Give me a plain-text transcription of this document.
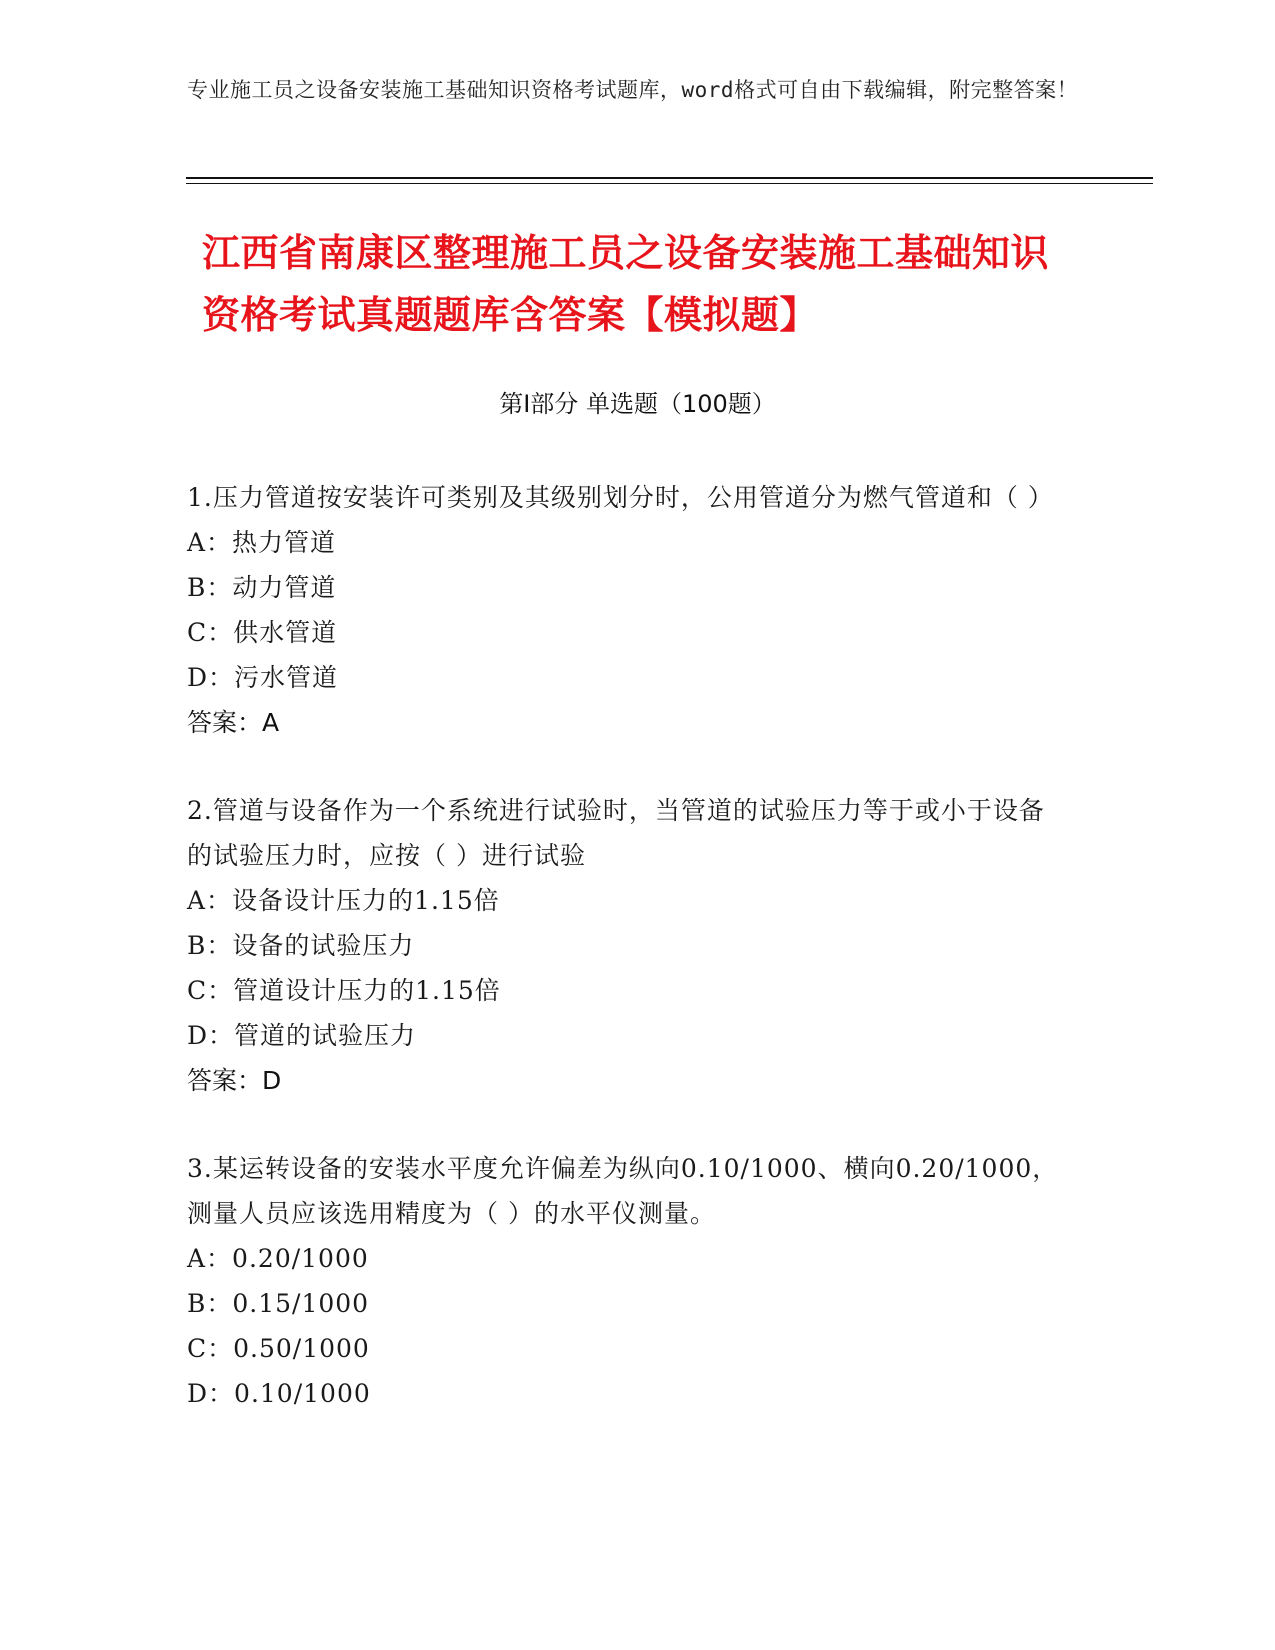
专业施工员之设备安装施工基础知识资格考试题库，word格式可自由下载编辑，附完整答案！
江西省南康区整理施工员之设备安装施工基础知识资格考试真题题库含答案【模拟题】
第Ⅰ部分 单选题（100题）
1.压力管道按安装许可类别及其级别划分时，公用管道分为燃气管道和（ ）
A：热力管道
B：动力管道
C：供水管道
D：污水管道
答案：A
2.管道与设备作为一个系统进行试验时，当管道的试验压力等于或小于设备的试验压力时，应按（ ）进行试验
A：设备设计压力的1.15倍
B：设备的试验压力
C：管道设计压力的1.15倍
D：管道的试验压力
答案：D
3.某运转设备的安装水平度允许偏差为纵向0.10/1000、横向0.20/1000，测量人员应该选用精度为（ ）的水平仪测量。
A：0.20/1000
B：0.15/1000
C：0.50/1000
D：0.10/1000
